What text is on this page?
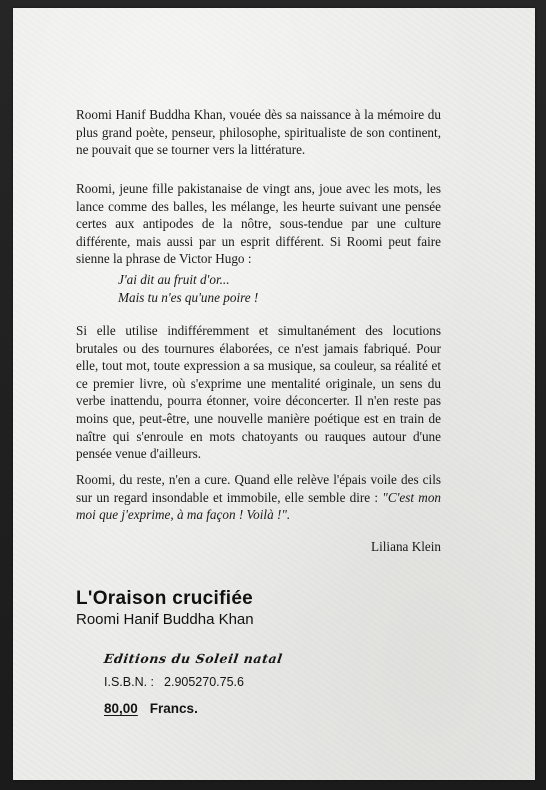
Roomi Hanif Buddha Khan, vouée dès sa naissance à la mémoire du plus grand poète, penseur, philosophe, spiritualiste de son continent, ne pouvait que se tourner vers la littérature.

Roomi, jeune fille pakistanaise de vingt ans, joue avec les mots, les lance comme des balles, les mélange, les heurte suivant une pensée certes aux antipodes de la nôtre, sous-tendue par une culture différente, mais aussi par un esprit différent. Si Roomi peut faire sienne la phrase de Victor Hugo :

J'ai dit au fruit d'or...

Mais tu n'es qu'une poire !

Si elle utilise indifféremment et simultanément des locutions brutales ou des tournures élaborées, ce n'est jamais fabriqué. Pour elle, tout mot, toute expression a sa musique, sa couleur, sa réalité et ce premier livre, où s'exprime une mentalité originale, un sens du verbe inattendu, pourra étonner, voire déconcerter. Il n'en reste pas moins que, peut-être, une nouvelle manière poétique est en train de naître qui s'enroule en mots chatoyants ou rauques autour d'une pensée venue d'ailleurs.

Roomi, du reste, n'en a cure. Quand elle relève l'épais voile des cils sur un regard insondable et immobile, elle semble dire : "C'est mon moi que j'exprime, à ma façon ! Voilà !".

Liliana Klein
L'Oraison crucifiée
Roomi Hanif Buddha Khan
Editions du Soleil natal
I.S.B.N. : 2.905270.75.6
80,00 Francs.
